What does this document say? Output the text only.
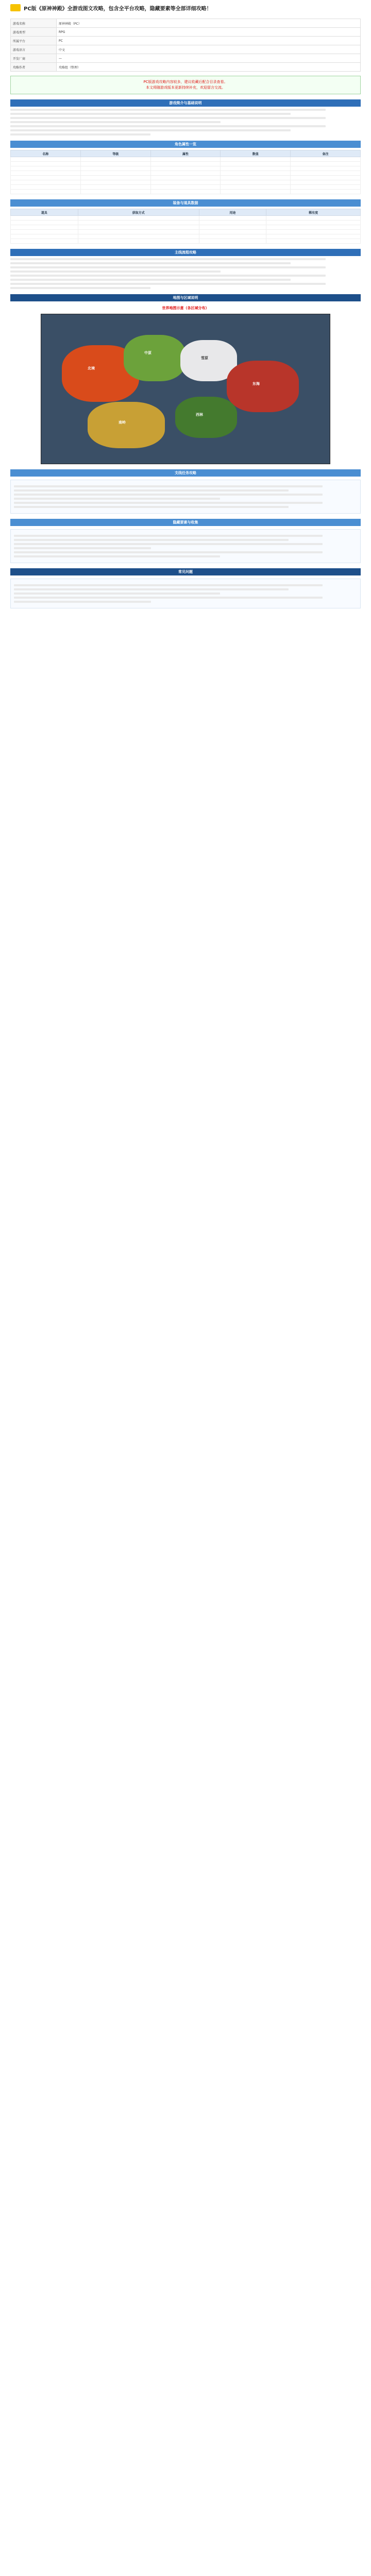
PC版《原神神殿》全游戏图文攻略，包含全平台攻略，隐藏要素等全部详细攻略！
游戏名称	原神神殿（PC）
游戏类型	RPG
所属平台	PC
游戏语言	中文
开发厂商	—
攻略作者	攻略组（整理）
PC版游戏攻略内容较多，建议收藏后配合目录查看。
本文将随游戏版本更新持续补充，欢迎留言交流。
游戏简介与基础说明
角色属性一览
名称	等级	属性	数值	备注

装备与道具数据
道具	获取方式	用途	稀有度

主线流程攻略
地图与区域说明
世界地图示意（各区域分布）
北境
中原
雪原
东海
南岭
西林
支线任务攻略
隐藏要素与收集
常见问题
